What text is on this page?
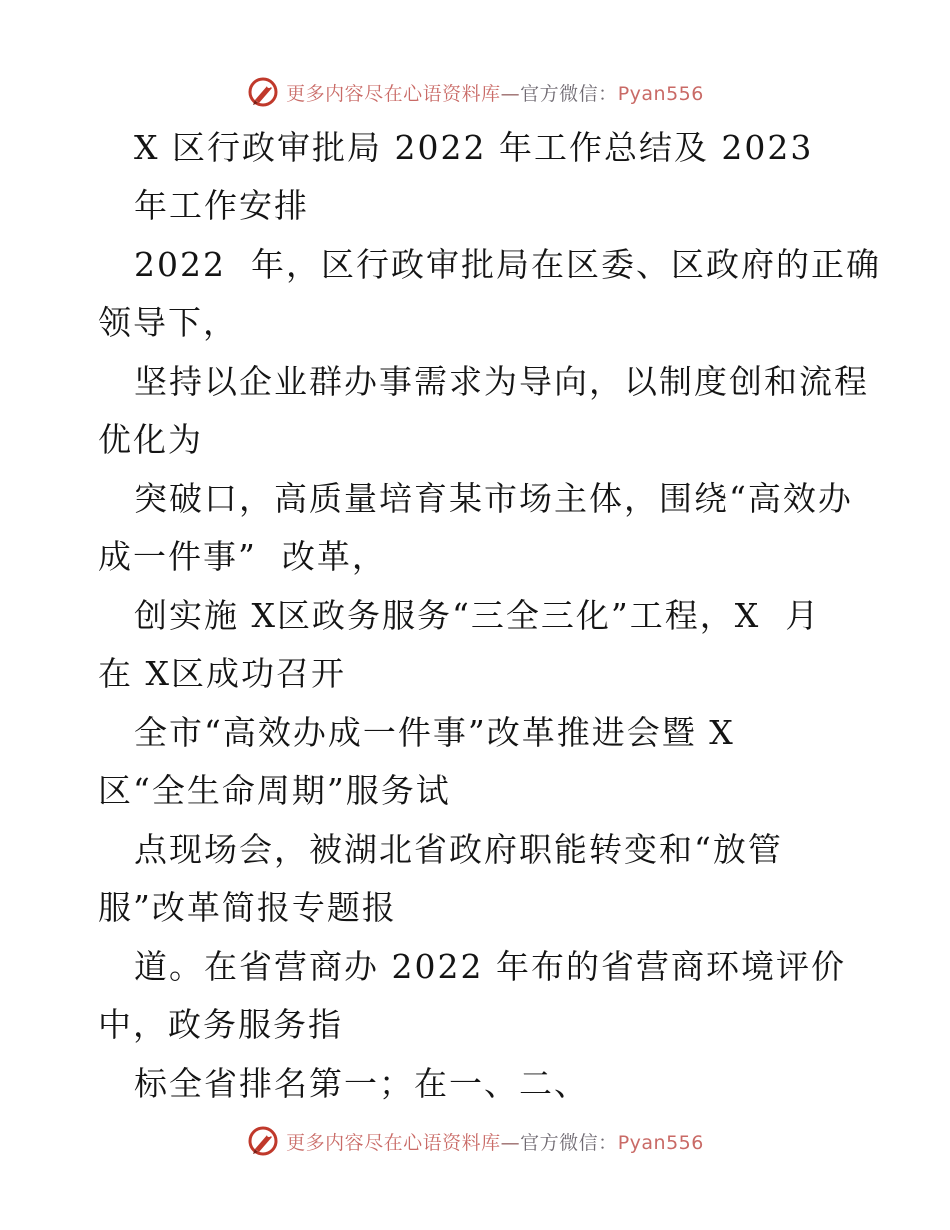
更多内容尽在心语资料库—官方微信：Pyan556
X 区行政审批局 2022 年工作总结及 2023
年工作安排
2022  年，区行政审批局在区委、区政府的正确
领导下，
坚持以企业群办事需求为导向，以制度创和流程
优化为
突破口，高质量培育某市场主体，围绕“高效办
成一件事”  改革，
创实施 X区政务服务“三全三化”工程，X  月
在 X区成功召开
全市“高效办成一件事”改革推进会暨 X
区“全生命周期”服务试
点现场会，被湖北省政府职能转变和“放管
服”改革简报专题报
道。在省营商办 2022 年布的省营商环境评价
中，政务服务指
标全省排名第一；在一、二、
更多内容尽在心语资料库—官方微信：Pyan556
